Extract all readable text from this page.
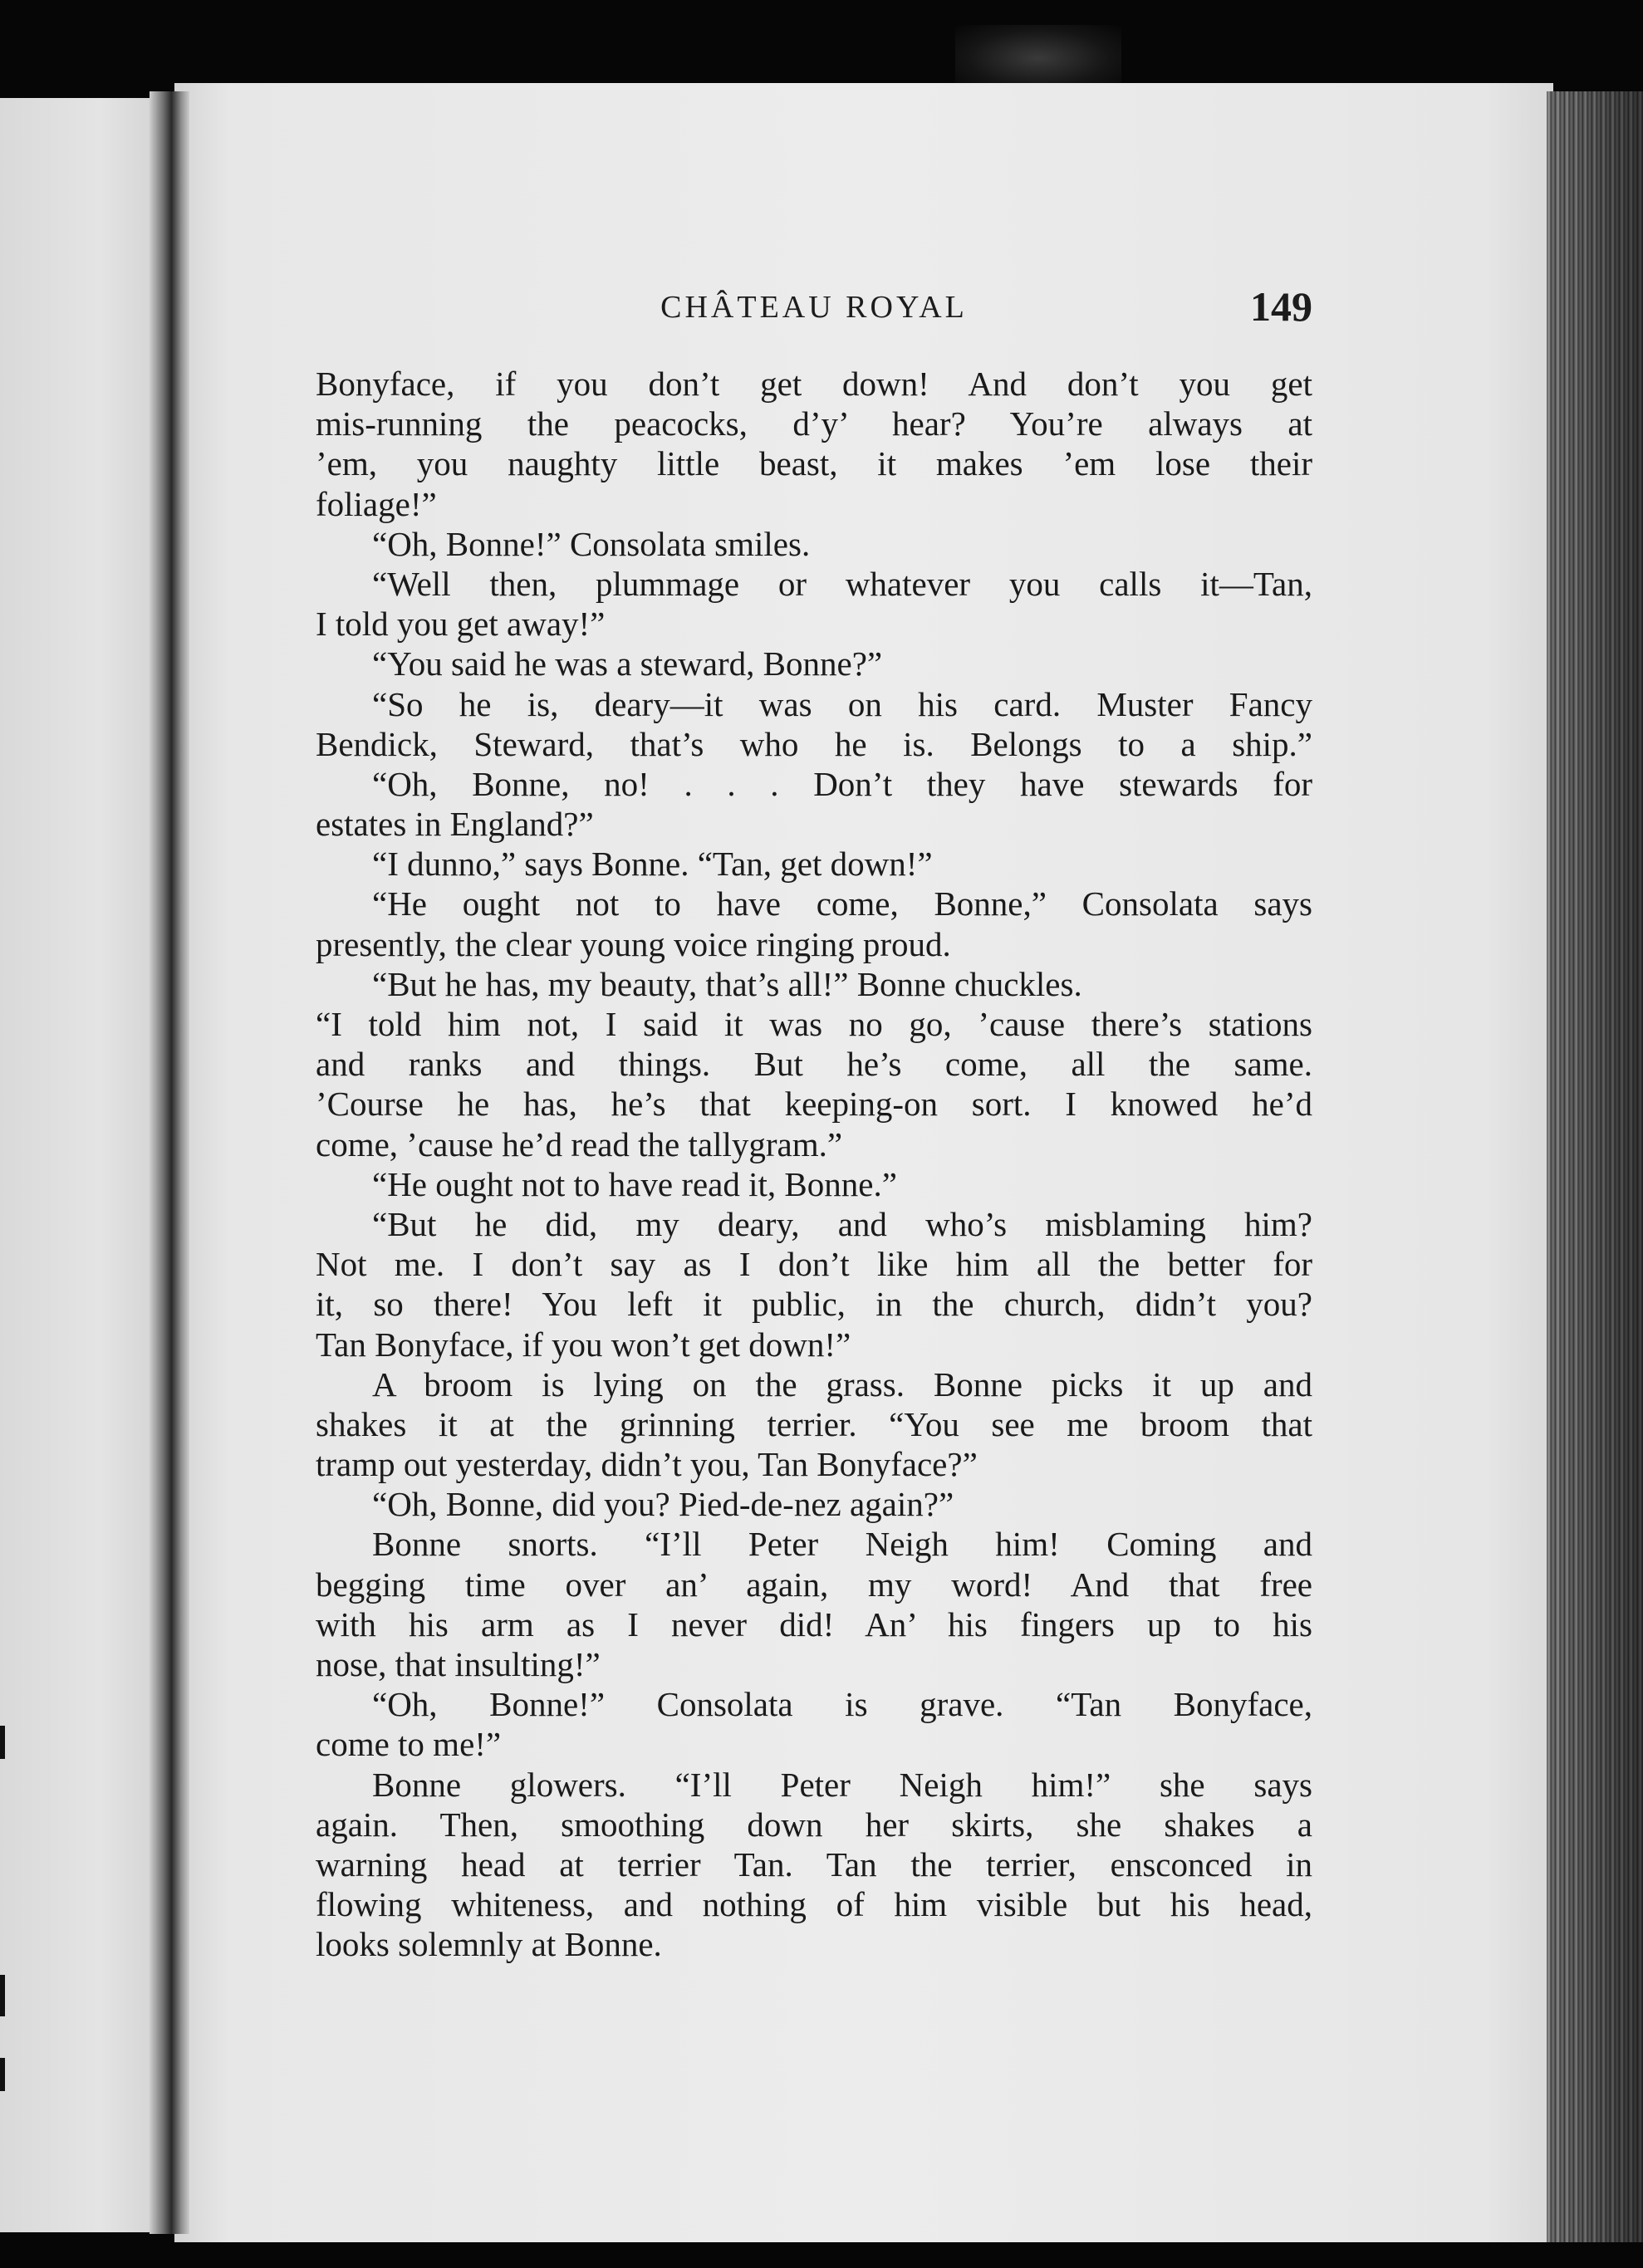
CHÂTEAU ROYAL	149
Bonyface, if you don’t get down! And don’t you get
mis-running the peacocks, d’y’ hear? You’re always at
’em, you naughty little beast, it makes ’em lose their
foliage!”
“Oh, Bonne!” Consolata smiles.
“Well then, plummage or whatever you calls it—Tan,
I told you get away!”
“You said he was a steward, Bonne?”
“So he is, deary—it was on his card. Muster Fancy
Bendick, Steward, that’s who he is. Belongs to a ship.”
“Oh, Bonne, no! . . . Don’t they have stewards for
estates in England?”
“I dunno,” says Bonne. “Tan, get down!”
“He ought not to have come, Bonne,” Consolata says
presently, the clear young voice ringing proud.
“But he has, my beauty, that’s all!” Bonne chuckles.
“I told him not, I said it was no go, ’cause there’s stations
and ranks and things. But he’s come, all the same.
’Course he has, he’s that keeping-on sort. I knowed he’d
come, ’cause he’d read the tallygram.”
“He ought not to have read it, Bonne.”
“But he did, my deary, and who’s misblaming him?
Not me. I don’t say as I don’t like him all the better for
it, so there! You left it public, in the church, didn’t you?
Tan Bonyface, if you won’t get down!”
A broom is lying on the grass. Bonne picks it up and
shakes it at the grinning terrier. “You see me broom that
tramp out yesterday, didn’t you, Tan Bonyface?”
“Oh, Bonne, did you? Pied-de-nez again?”
Bonne snorts. “I’ll Peter Neigh him! Coming and
begging time over an’ again, my word! And that free
with his arm as I never did! An’ his fingers up to his
nose, that insulting!”
“Oh, Bonne!” Consolata is grave. “Tan Bonyface,
come to me!”
Bonne glowers. “I’ll Peter Neigh him!” she says
again. Then, smoothing down her skirts, she shakes a
warning head at terrier Tan. Tan the terrier, ensconced in
flowing whiteness, and nothing of him visible but his head,
looks solemnly at Bonne.
